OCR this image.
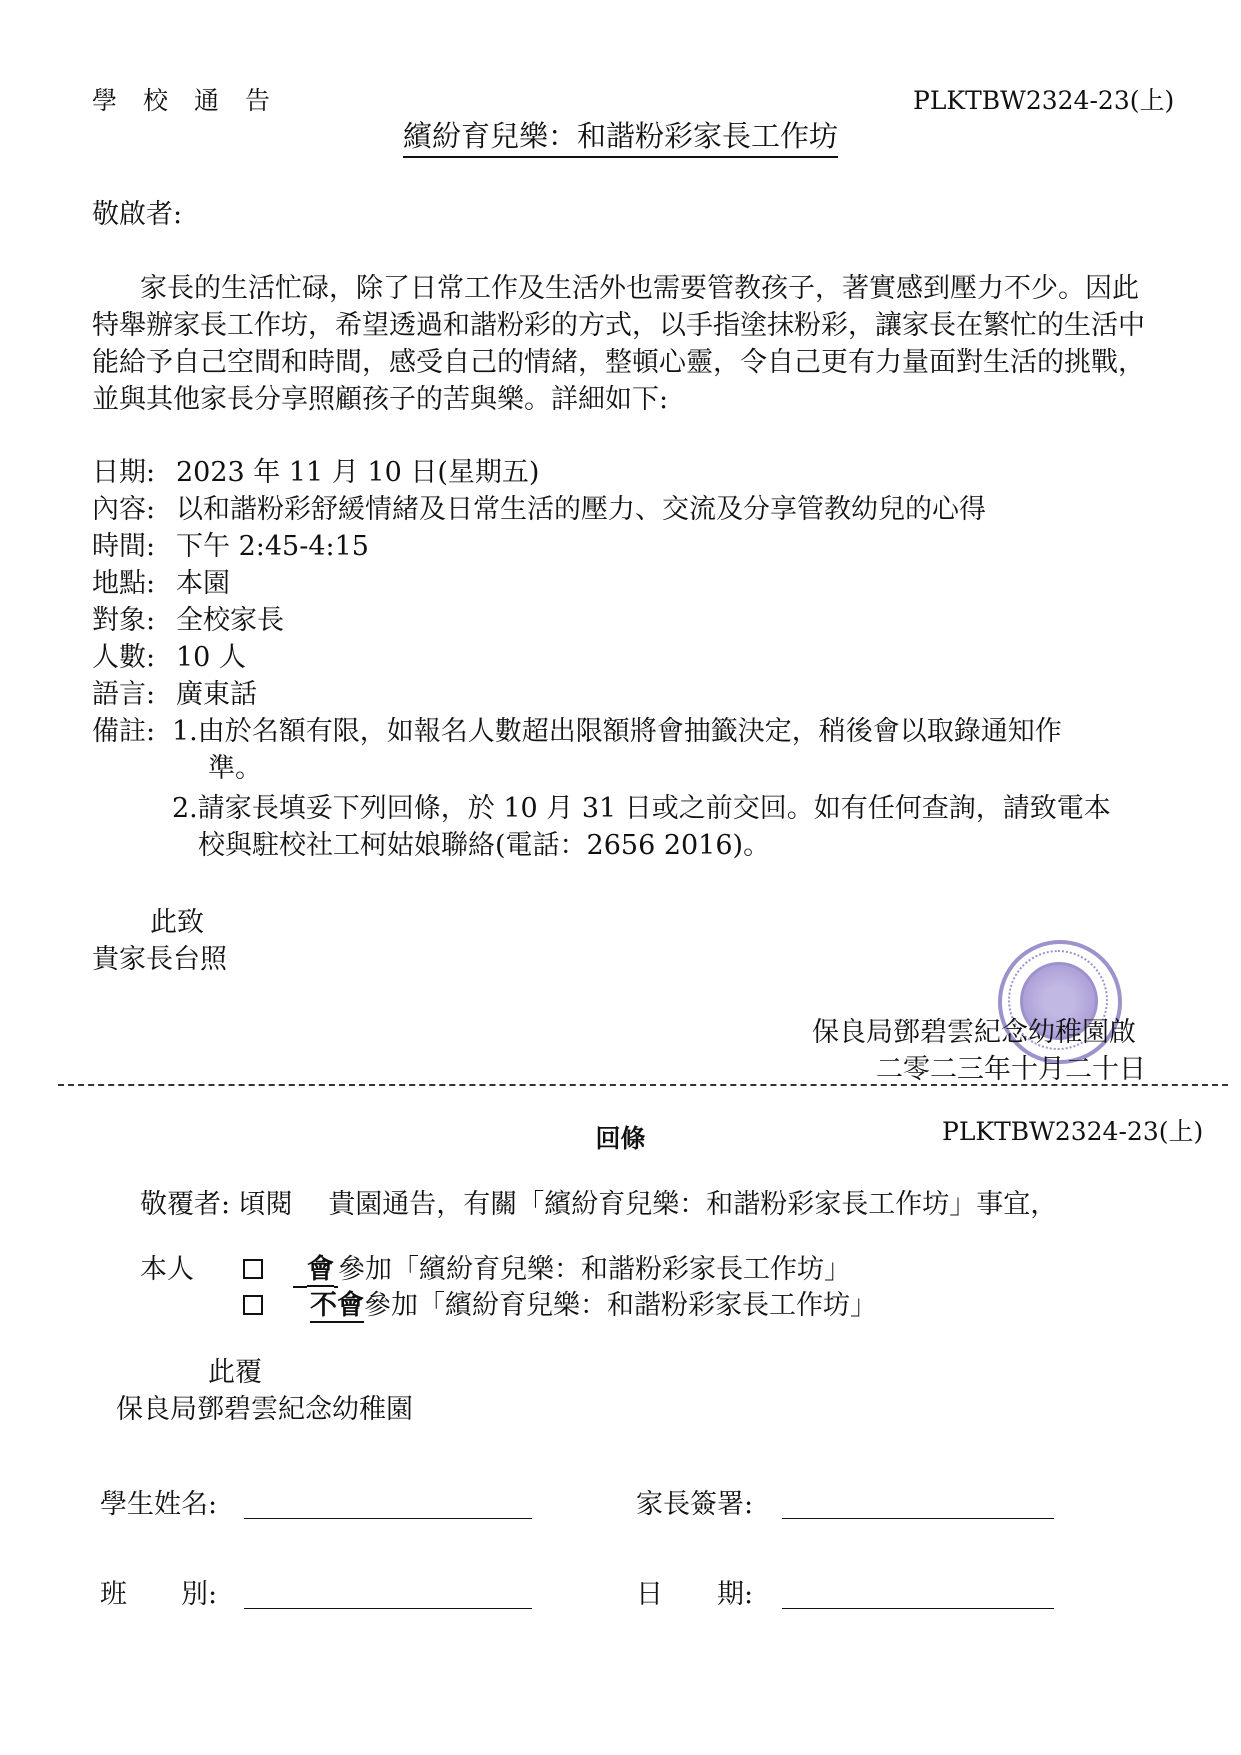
學校通告	PLKTBW2324-23(上)
繽紛育兒樂：和諧粉彩家長工作坊
敬啟者:
家長的生活忙碌，除了日常工作及生活外也需要管教孩子，著實感到壓力不少。因此特舉辦家長工作坊，希望透過和諧粉彩的方式，以手指塗抹粉彩，讓家長在繁忙的生活中能給予自己空間和時間，感受自己的情緒，整頓心靈，令自己更有力量面對生活的挑戰，並與其他家長分享照顧孩子的苦與樂。詳細如下:
日期: 2023 年 11 月 10 日(星期五)
內容: 以和諧粉彩舒緩情緒及日常生活的壓力、交流及分享管教幼兒的心得
時間: 下午 2:45-4:15
地點: 本園
對象: 全校家長
人數: 10 人
語言: 廣東話
備註: 1.由於名額有限，如報名人數超出限額將會抽籤決定，稍後會以取錄通知作
準。
2.請家長填妥下列回條，於 10 月 31 日或之前交回。如有任何查詢，請致電本
校與駐校社工柯姑娘聯絡(電話：2656 2016)。
此致
貴家長台照
保良局鄧碧雲紀念幼稚園啟
二零二三年十月二十日
回條	PLKTBW2324-23(上)
敬覆者: 頃閱　 貴園通告，有關「繽紛育兒樂：和諧粉彩家長工作坊」事宜，
本人	會 參加「繽紛育兒樂：和諧粉彩家長工作坊」
不會參加「繽紛育兒樂：和諧粉彩家長工作坊」
此覆
保良局鄧碧雲紀念幼稚園
學生姓名:	家長簽署:
班　　別:	日　　期:
